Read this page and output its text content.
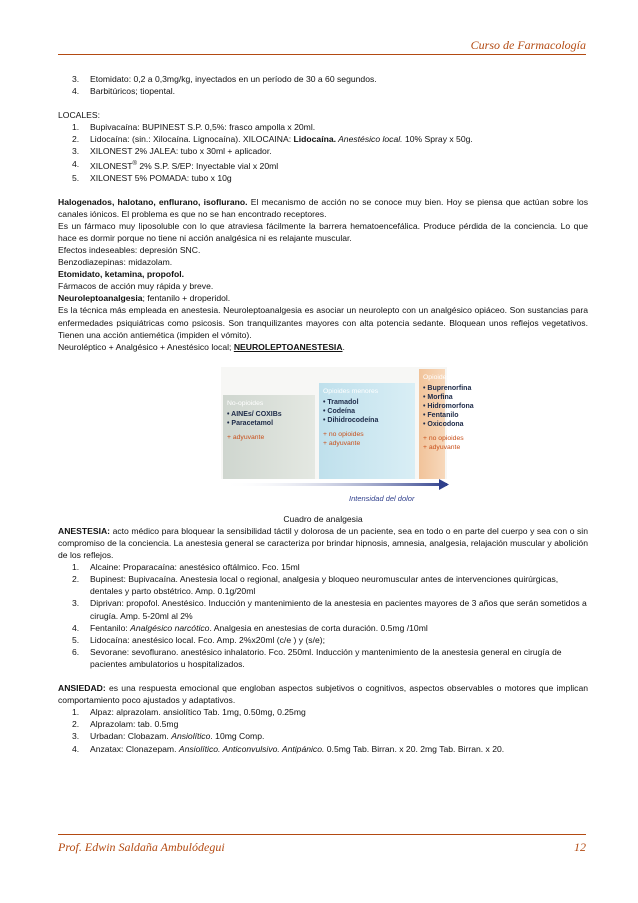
Curso de Farmacología
3.	Etomidato: 0,2 a 0,3mg/kg, inyectados en un período de 30 a 60 segundos.
4.	Barbitúricos; tiopental.

LOCALES:

1.	Bupivacaína: BUPINEST S.P. 0,5%: frasco ampolla x 20ml.
2.	Lidocaína: (sin.: Xilocaína. Lignocaína). XILOCAINA: Lidocaína. Anestésico local. 10% Spray x 50g.
3.	XILONEST 2% JALEA: tubo x 30ml + aplicador.
4.	XILONEST® 2% S.P. S/EP: Inyectable vial x 20ml
5.	XILONEST 5% POMADA: tubo x 10g

Halogenados, halotano, enflurano, isoflurano. El mecanismo de acción no se conoce muy bien. Hoy se piensa que actúan sobre los canales iónicos. El problema es que no se han encontrado receptores.

Es un fármaco muy liposoluble con lo que atraviesa fácilmente la barrera hematoencefálica. Produce pérdida de la conciencia. Lo que hace es dormir porque no tiene ni acción analgésica ni es relajante muscular.

Efectos indeseables: depresión SNC.

Benzodiazepinas: midazolam.

Etomidato, ketamina, propofol.

Fármacos de acción muy rápida y breve.

Neuroleptoanalgesia; fentanilo + droperidol.

Es la técnica más empleada en anestesia. Neuroleptoanalgesia es asociar un neurolepto con un analgésico opiáceo. Son sustancias para enfermedades psiquiátricas como psicosis. Son tranquilizantes mayores con alta potencia sedante. Bloquean unos reflejos vegetativos. Tienen una acción antiemética (impiden el vómito).

Neuroléptico + Analgésico + Anestésico local; NEUROLEPTOANESTESIA.

No-opioides
• AINEs/ COXIBs
• Paracetamol
+ adyuvante
Opioides menores
• Tramadol
• Codeína
• Dihidrocodeína
+ no opioides
+ adyuvante
Opioides mayores
• Buprenorfina
• Morfina
• Hidromorfona
• Fentanilo
• Oxicodona
+ no opioides
+ adyuvante
Intensidad del dolor

Cuadro de analgesia

ANESTESIA: acto médico para bloquear la sensibilidad táctil y dolorosa de un paciente, sea en todo o en parte del cuerpo y sea con o sin compromiso de la conciencia. La anestesia general se caracteriza por brindar hipnosis, amnesia, analgesia, relajación muscular y abolición de los reflejos.

1.	Alcaine: Proparacaína: anestésico oftálmico. Fco. 15ml
2.	Bupinest: Bupivacaína. Anestesia local o regional, analgesia y bloqueo neuromuscular antes de intervenciones quirúrgicas, dentales y parto obstétrico. Amp. 0.1g/20ml
3.	Diprivan: propofol. Anestésico. Inducción y mantenimiento de la anestesia en pacientes mayores de 3 años que serán sometidos a cirugía. Amp. 5-20ml al 2%
4.	Fentanilo: Analgésico narcótico. Analgesia en anestesias de corta duración. 0.5mg /10ml
5.	Lidocaína: anestésico local. Fco. Amp. 2%x20ml (c/e ) y (s/e);
6.	Sevorane: sevoflurano. anestésico inhalatorio. Fco. 250ml. Inducción y mantenimiento de la anestesia general en cirugía de pacientes ambulatorios u hospitalizados.

ANSIEDAD: es una respuesta emocional que engloban aspectos subjetivos o cognitivos, aspectos observables o motores que implican comportamiento poco ajustados y adaptativos.

1.	Alpaz: alprazolam. ansiolítico Tab. 1mg, 0.50mg, 0.25mg
2.	Alprazolam: tab. 0.5mg
3.	Urbadan: Clobazam. Ansiolítico. 10mg Comp.
4.	Anzatax: Clonazepam. Ansiolítico. Anticonvulsivo. Antipánico. 0.5mg Tab. Birran. x 20. 2mg Tab. Birran. x 20.
Prof. Edwin Saldaña Ambulódegui	12
